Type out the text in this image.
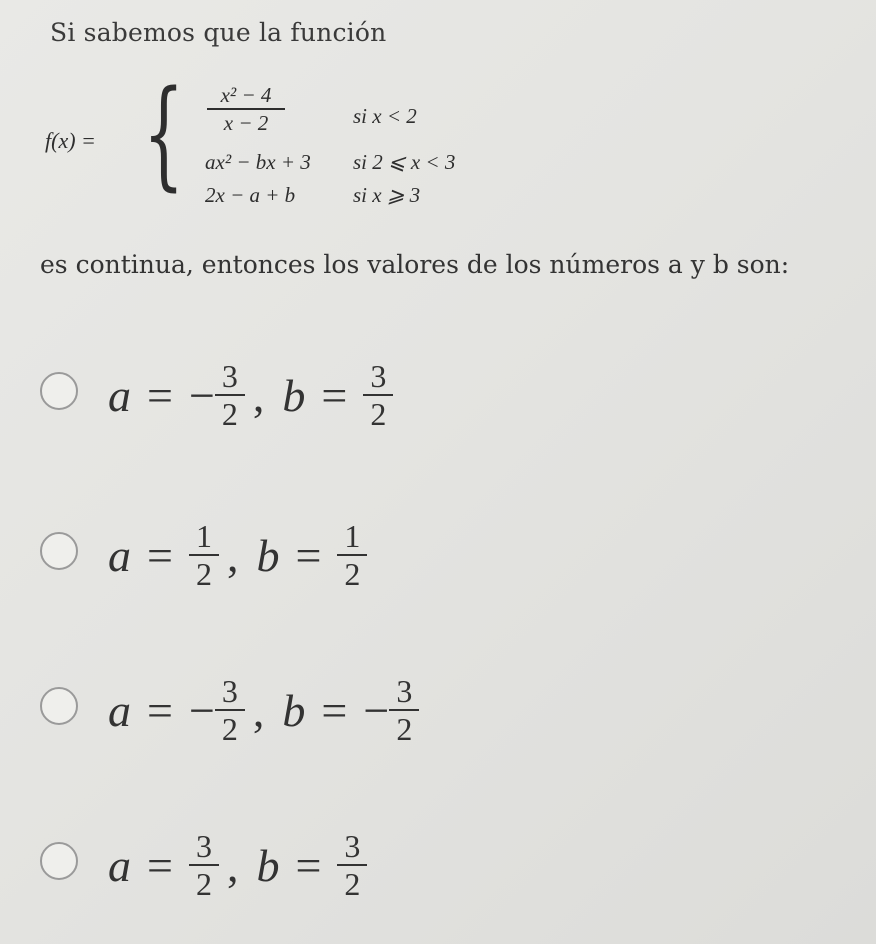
Si sabemos que la función
f(x) = {	x² − 4
x − 2	si x < 2
ax² − bx + 3 si 2 ⩽ x < 3
2x − a + b	si x ⩾ 3
es continua, entonces los valores de los números a y b son:
a = − $\frac{3}{2}$ , $b = \frac{3}{2}$
$a = \frac{1}{2}$ , $b = \frac{1}{2}$
a = − $\frac{3}{2}$ , b = − $\frac{3}{2}$
$a = \frac{3}{2}$ , $b = \frac{3}{2}$
